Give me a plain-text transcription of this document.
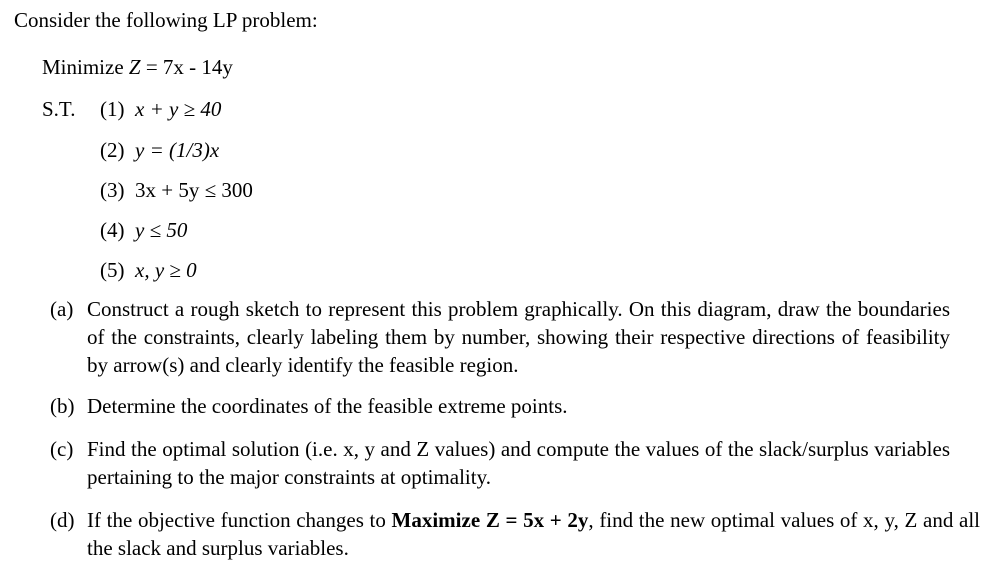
Consider the following LP problem:
Minimize Z = 7x - 14y
S.T. (1) x + y ≥ 40
(2) y = (1/3)x
(3) 3x + 5y ≤ 300
(4) y ≤ 50
(5) x, y ≥ 0
(a) Construct a rough sketch to represent this problem graphically. On this diagram, draw the boundaries of the constraints, clearly labeling them by number, showing their respective directions of feasibility by arrow(s) and clearly identify the feasible region.
(b) Determine the coordinates of the feasible extreme points.
(c) Find the optimal solution (i.e. x, y and Z values) and compute the values of the slack/surplus variables pertaining to the major constraints at optimality.
(d) If the objective function changes to Maximize Z = 5x + 2y, find the new optimal values of x, y, Z and all the slack and surplus variables.
